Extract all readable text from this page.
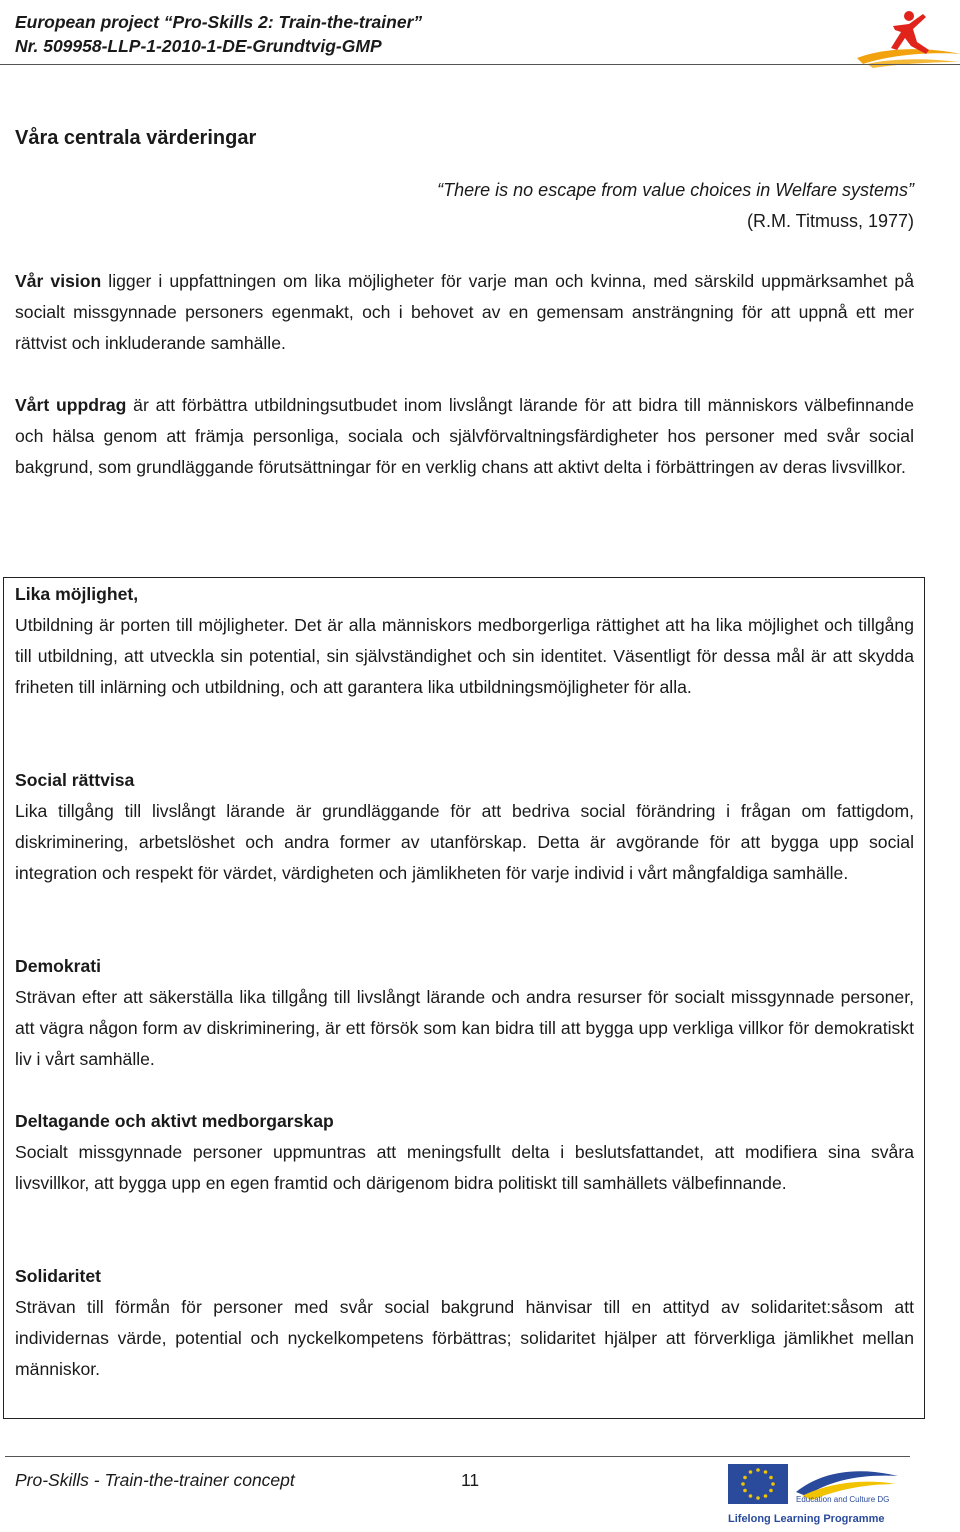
European project “Pro-Skills 2: Train-the-trainer”
Nr. 509958-LLP-1-2010-1-DE-Grundtvig-GMP
Våra centrala värderingar
“There is no escape from value choices in Welfare systems”
(R.M. Titmuss, 1977)
Vår vision ligger i uppfattningen om lika möjligheter för varje man och kvinna, med särskild uppmärksamhet på socialt missgynnade personers egenmakt, och i behovet av en gemensam ansträngning för att uppnå ett mer rättvist och inkluderande samhälle.
Vårt uppdrag är att förbättra utbildningsutbudet inom livslångt lärande för att bidra till människors välbefinnande och hälsa genom att främja personliga, sociala och självförvaltningsfärdigheter hos personer med svår social bakgrund, som grundläggande förutsättningar för en verklig chans att aktivt delta i förbättringen av deras livsvillkor.

Lika möjlighet,

Utbildning är porten till möjligheter. Det är alla människors medborgerliga rättighet att ha lika möjlighet och tillgång till utbildning, att utveckla sin potential, sin självständighet och sin identitet. Väsentligt för dessa mål är att skydda friheten till inlärning och utbildning, och att garantera lika utbildningsmöjligheter för alla.

Social rättvisa

Lika tillgång till livslångt lärande är grundläggande för att bedriva social förändring i frågan om fattigdom, diskriminering, arbetslöshet och andra former av utanförskap. Detta är avgörande för att bygga upp social integration och respekt för värdet, värdigheten och jämlikheten för varje individ i vårt mångfaldiga samhälle.

Demokrati

Strävan efter att säkerställa lika tillgång till livslångt lärande och andra resurser för socialt missgynnade personer, att vägra någon form av diskriminering, är ett försök som kan bidra till att bygga upp verkliga villkor för demokratiskt liv i vårt samhälle.

Deltagande och aktivt medborgarskap

Socialt missgynnade personer uppmuntras att meningsfullt delta i beslutsfattandet, att modifiera sina svåra livsvillkor, att bygga upp en egen framtid och därigenom bidra politiskt till samhällets välbefinnande.

Solidaritet

Strävan till förmån för personer med svår social bakgrund hänvisar till en attityd av solidaritet:såsom att individernas värde, potential och nyckelkompetens förbättras; solidaritet hjälper att förverkliga jämlikhet mellan människor.

Pro-Skills - Train-the-trainer concept	11
Education and Culture DG
Lifelong Learning Programme
